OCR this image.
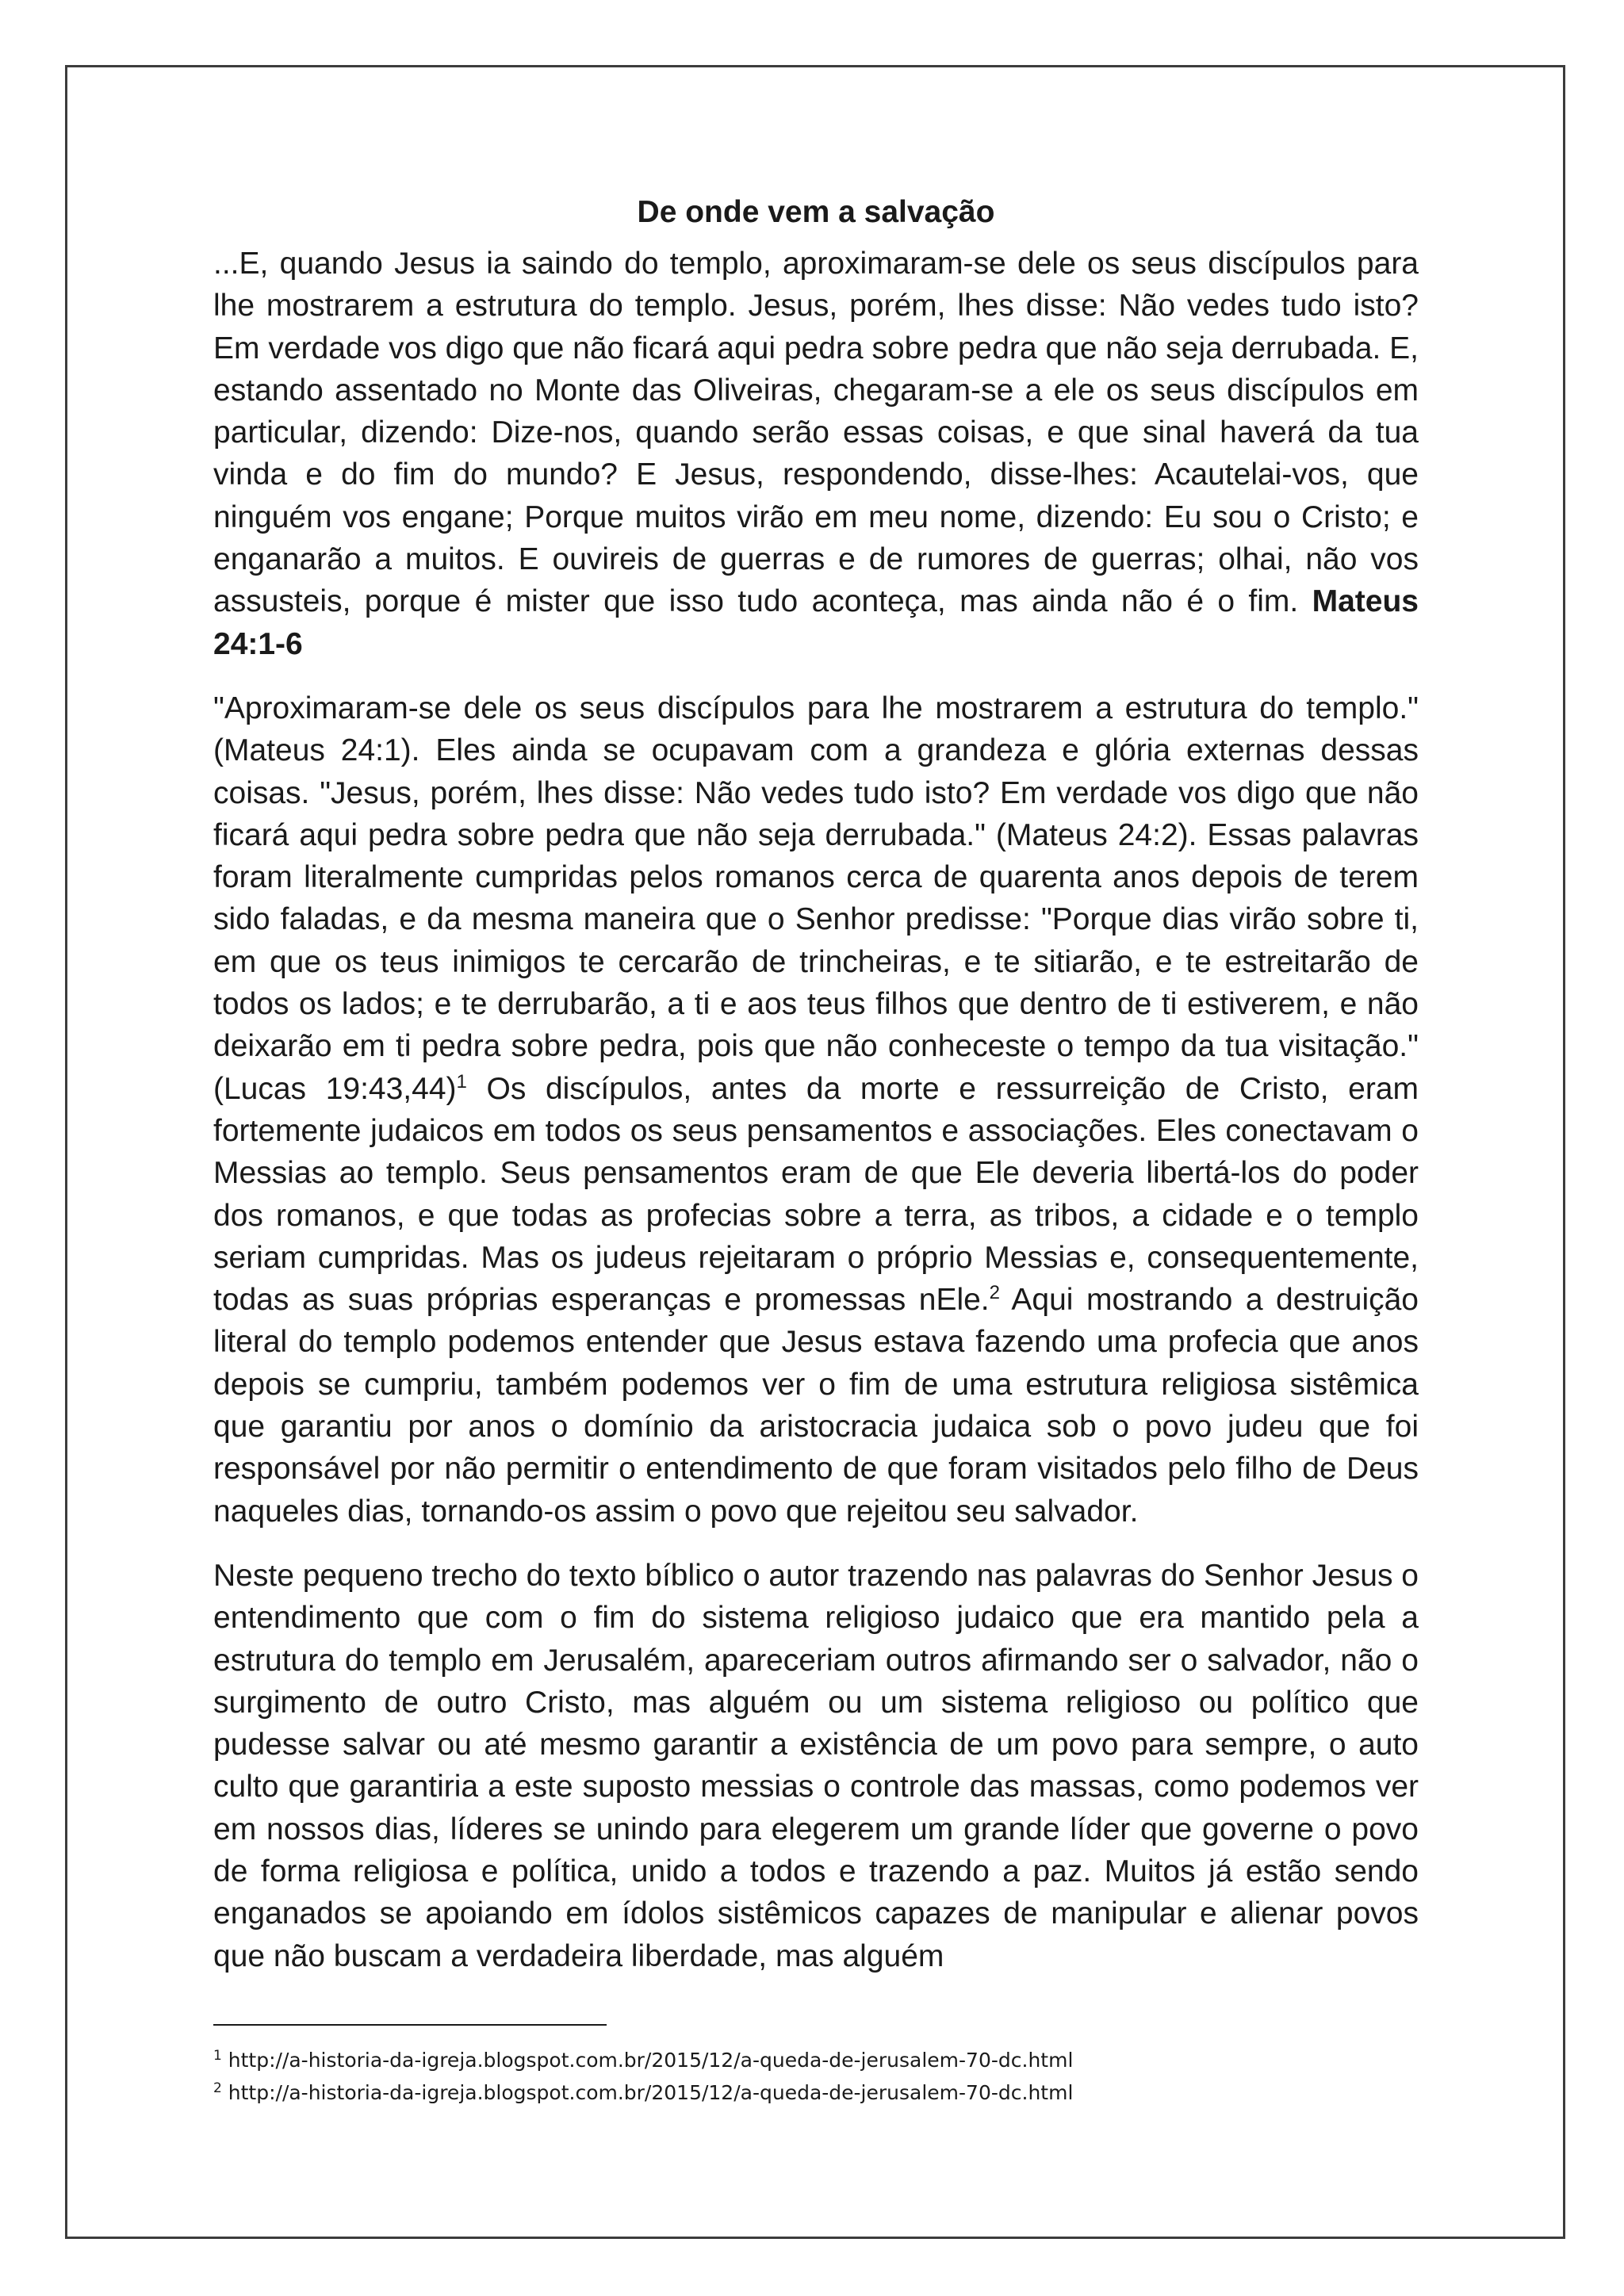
De onde vem a salvação

...E, quando Jesus ia saindo do templo, aproximaram-se dele os seus discípulos para lhe mostrarem a estrutura do templo. Jesus, porém, lhes disse: Não vedes tudo isto? Em verdade vos digo que não ficará aqui pedra sobre pedra que não seja derrubada. E, estando assentado no Monte das Oliveiras, chegaram-se a ele os seus discípulos em particular, dizendo: Dize-nos, quando serão essas coisas, e que sinal haverá da tua vinda e do fim do mundo? E Jesus, respondendo, disse-lhes: Acautelai-vos, que ninguém vos engane; Porque muitos virão em meu nome, dizendo: Eu sou o Cristo; e enganarão a muitos. E ouvireis de guerras e de rumores de guerras; olhai, não vos assusteis, porque é mister que isso tudo aconteça, mas ainda não é o fim. Mateus 24:1-6

"Aproximaram-se dele os seus discípulos para lhe mostrarem a estrutura do templo." (Mateus 24:1). Eles ainda se ocupavam com a grandeza e glória externas dessas coisas. "Jesus, porém, lhes disse: Não vedes tudo isto? Em verdade vos digo que não ficará aqui pedra sobre pedra que não seja derrubada." (Mateus 24:2). Essas palavras foram literalmente cumpridas pelos romanos cerca de quarenta anos depois de terem sido faladas, e da mesma maneira que o Senhor predisse: "Porque dias virão sobre ti, em que os teus inimigos te cercarão de trincheiras, e te sitiarão, e te estreitarão de todos os lados; e te derrubarão, a ti e aos teus filhos que dentro de ti estiverem, e não deixarão em ti pedra sobre pedra, pois que não conheceste o tempo da tua visitação." (Lucas 19:43,44)$^1$ Os discípulos, antes da morte e ressurreição de Cristo, eram fortemente judaicos em todos os seus pensamentos e associações. Eles conectavam o Messias ao templo. Seus pensamentos eram de que Ele deveria libertá-los do poder dos romanos, e que todas as profecias sobre a terra, as tribos, a cidade e o templo seriam cumpridas. Mas os judeus rejeitaram o próprio Messias e, consequentemente, todas as suas próprias esperanças e promessas nEle.$^2$ Aqui mostrando a destruição literal do templo podemos entender que Jesus estava fazendo uma profecia que anos depois se cumpriu, também podemos ver o fim de uma estrutura religiosa sistêmica que garantiu por anos o domínio da aristocracia judaica sob o povo judeu que foi responsável por não permitir o entendimento de que foram visitados pelo filho de Deus naqueles dias, tornando-os assim o povo que rejeitou seu salvador.

Neste pequeno trecho do texto bíblico o autor trazendo nas palavras do Senhor Jesus o entendimento que com o fim do sistema religioso judaico que era mantido pela a estrutura do templo em Jerusalém, apareceriam outros afirmando ser o salvador, não o surgimento de outro Cristo, mas alguém ou um sistema religioso ou político que pudesse salvar ou até mesmo garantir a existência de um povo para sempre, o auto culto que garantiria a este suposto messias o controle das massas, como podemos ver em nossos dias, líderes se unindo para elegerem um grande líder que governe o povo de forma religiosa e política, unido a todos e trazendo a paz. Muitos já estão sendo enganados se apoiando em ídolos sistêmicos capazes de manipular e alienar povos que não buscam a verdadeira liberdade, mas alguém

$^1$ http://a-historia-da-igreja.blogspot.com.br/2015/12/a-queda-de-jerusalem-70-dc.html
$^2$ http://a-historia-da-igreja.blogspot.com.br/2015/12/a-queda-de-jerusalem-70-dc.html
